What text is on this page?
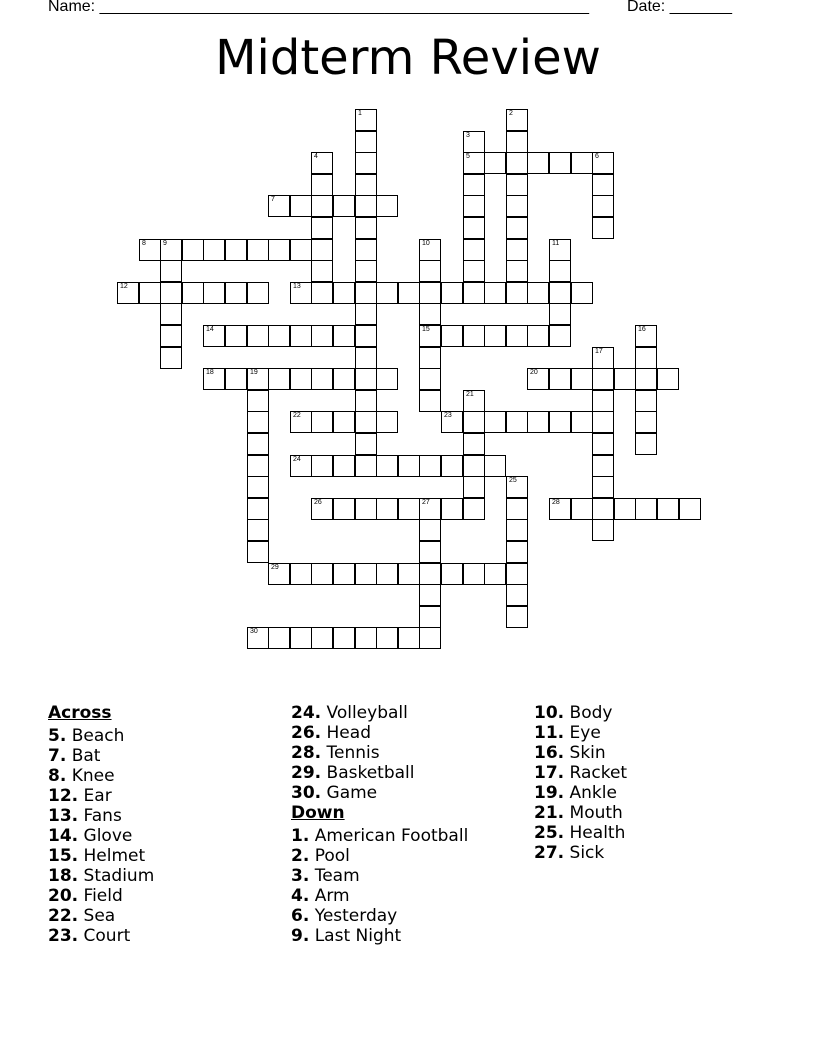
Name: _______________________________________________________ Date: _______
Midterm Review
5	6
7
8 9
12	13
14	15
18	19	20
22	23
24
26	27	28
29
30
1	2
3
4
10	11
16
17
21
25
Across
5. Beach
7. Bat
8. Knee
12. Ear
13. Fans
14. Glove
15. Helmet
18. Stadium
20. Field
22. Sea
23. Court
24. Volleyball
26. Head
28. Tennis
29. Basketball
30. Game
Down
1. American Football
2. Pool
3. Team
4. Arm
6. Yesterday
9. Last Night
10. Body
11. Eye
16. Skin
17. Racket
19. Ankle
21. Mouth
25. Health
27. Sick
